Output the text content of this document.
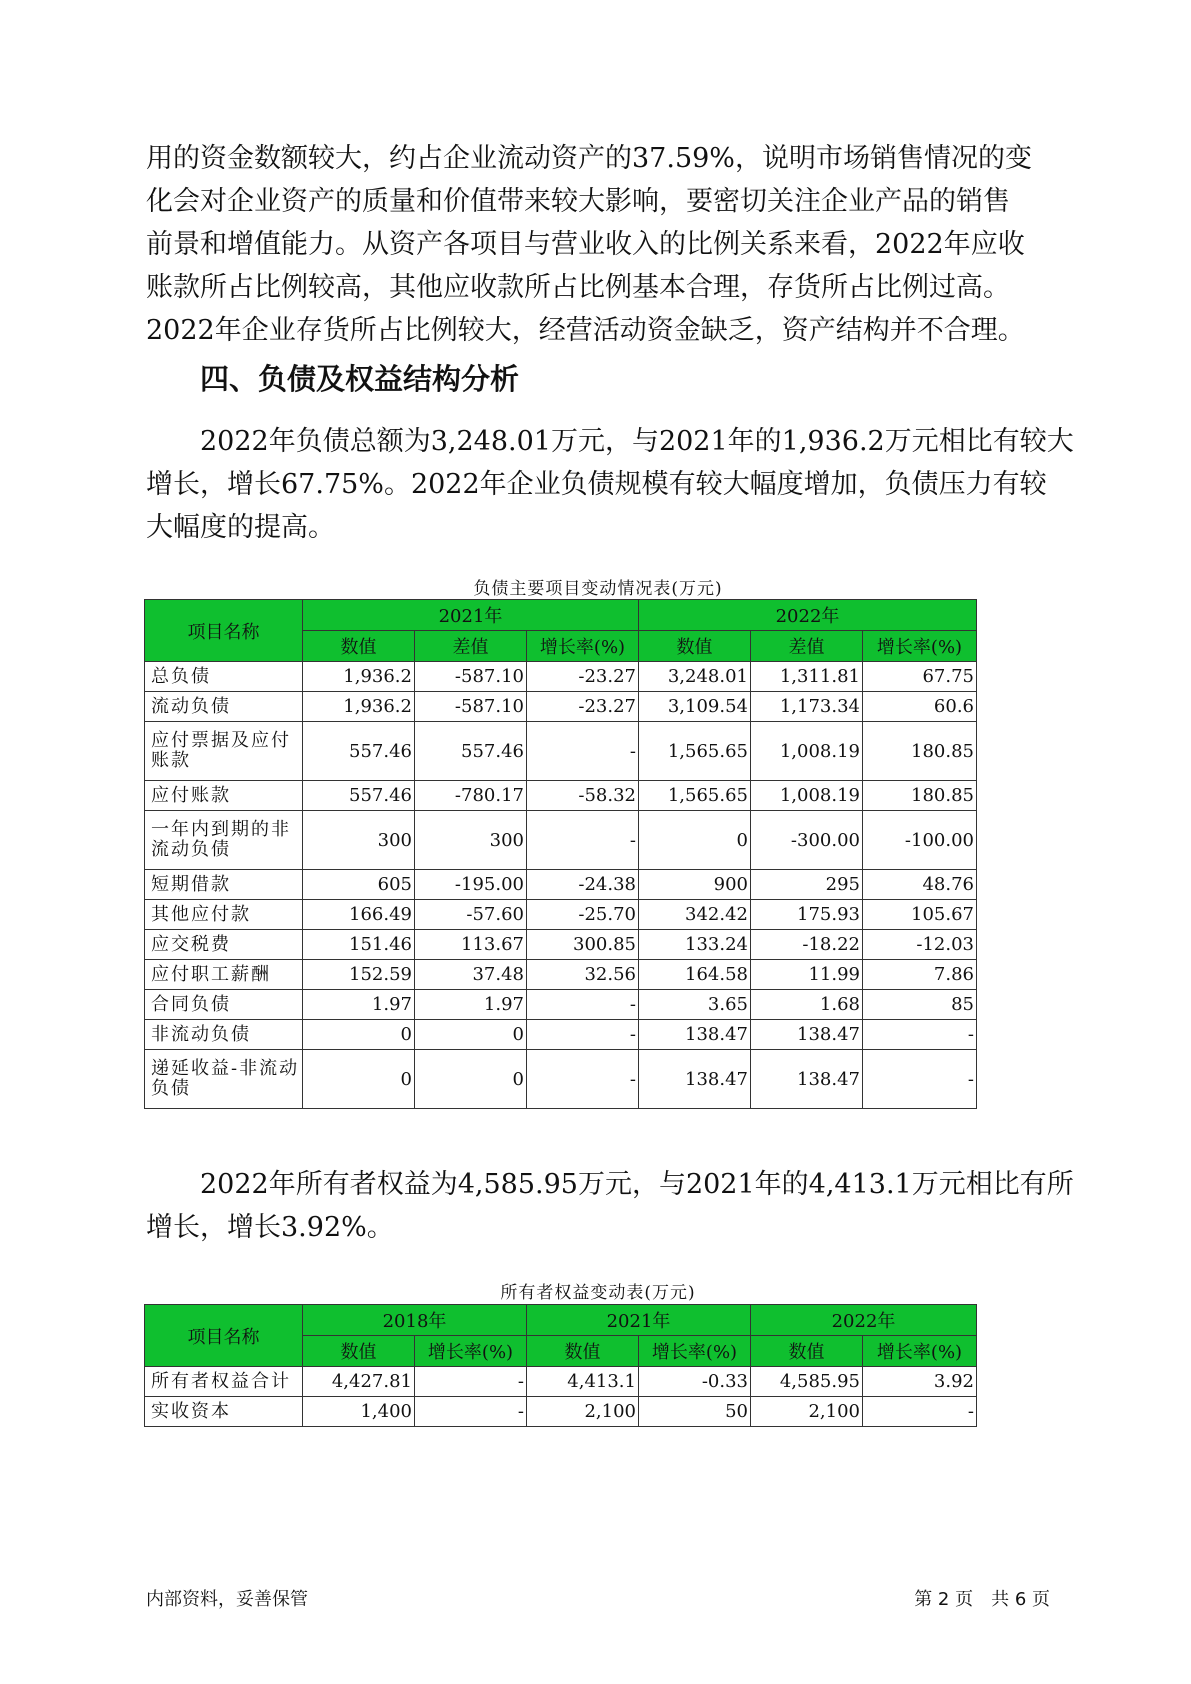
用的资金数额较大，约占企业流动资产的37.59%，说明市场销售情况的变
化会对企业资产的质量和价值带来较大影响，要密切关注企业产品的销售
前景和增值能力。从资产各项目与营业收入的比例关系来看，2022年应收
账款所占比例较高，其他应收款所占比例基本合理，存货所占比例过高。
2022年企业存货所占比例较大，经营活动资金缺乏，资产结构并不合理。
四、负债及权益结构分析
　　2022年负债总额为3,248.01万元，与2021年的1,936.2万元相比有较大
增长，增长67.75%。2022年企业负债规模有较大幅度增加，负债压力有较
大幅度的提高。
负债主要项目变动情况表(万元)
项目名称	2021年			2022年		
	数值	差值	增长率(%)	数值	差值	增长率(%)
总负债	1,936.2	-587.10	-23.27	3,248.01	1,311.81	67.75
流动负债	1,936.2	-587.10	-23.27	3,109.54	1,173.34	60.6
应付票据及应付账款	557.46	557.46	-	1,565.65	1,008.19	180.85
应付账款	557.46	-780.17	-58.32	1,565.65	1,008.19	180.85
一年内到期的非流动负债	300	300	-	0	-300.00	-100.00
短期借款	605	-195.00	-24.38	900	295	48.76
其他应付款	166.49	-57.60	-25.70	342.42	175.93	105.67
应交税费	151.46	113.67	300.85	133.24	-18.22	-12.03
应付职工薪酬	152.59	37.48	32.56	164.58	11.99	7.86
合同负债	1.97	1.97	-	3.65	1.68	85
非流动负债	0	0	-	138.47	138.47	-
递延收益-非流动负债	0	0	-	138.47	138.47	-
　　2022年所有者权益为4,585.95万元，与2021年的4,413.1万元相比有所
增长，增长3.92%。
所有者权益变动表(万元)
项目名称	2018年		2021年		2022年	
	数值	增长率(%)	数值	增长率(%)	数值	增长率(%)
所有者权益合计	4,427.81	-	4,413.1	-0.33	4,585.95	3.92
实收资本	1,400	-	2,100	50	2,100	-
内部资料，妥善保管	第 2 页　共 6 页
